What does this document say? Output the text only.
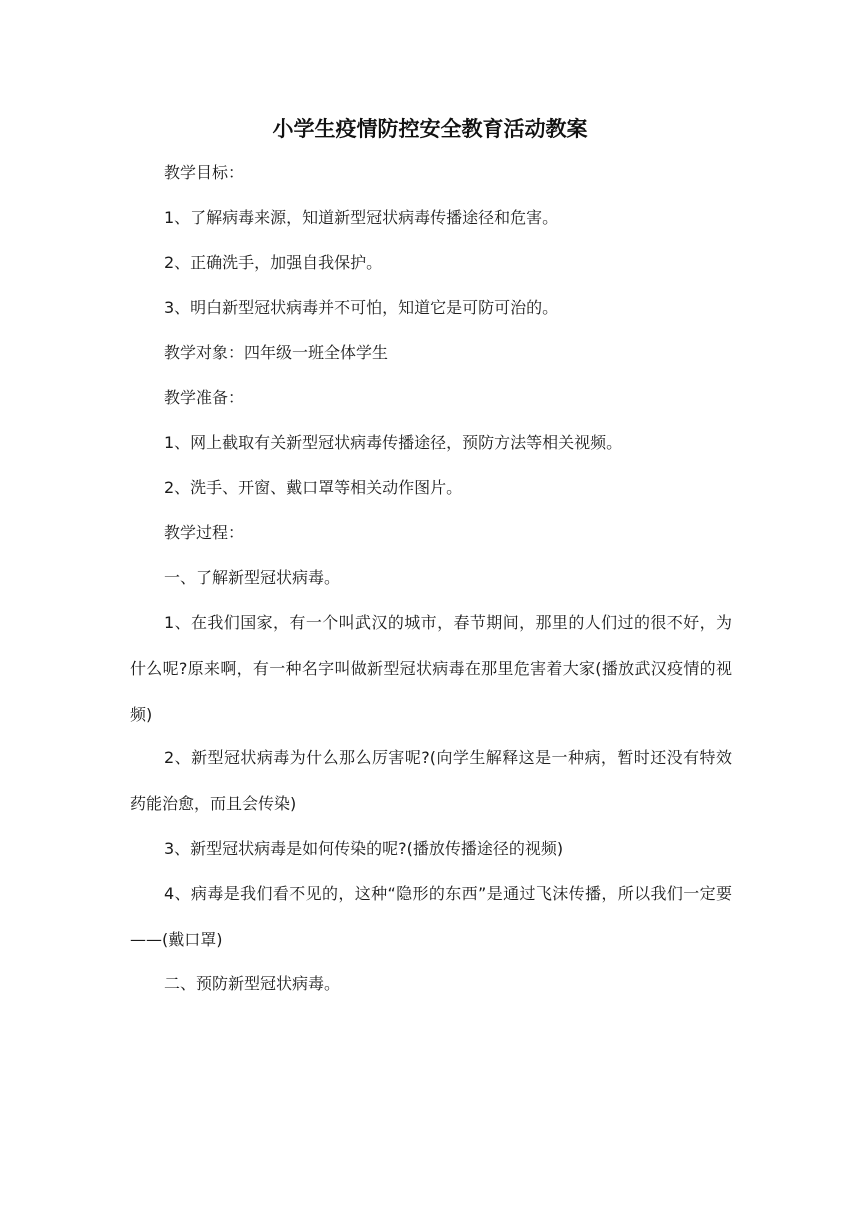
小学生疫情防控安全教育活动教案

教学目标：

1、了解病毒来源，知道新型冠状病毒传播途径和危害。

2、正确洗手，加强自我保护。

3、明白新型冠状病毒并不可怕，知道它是可防可治的。

教学对象：四年级一班全体学生

教学准备：

1、网上截取有关新型冠状病毒传播途径，预防方法等相关视频。

2、洗手、开窗、戴口罩等相关动作图片。

教学过程：

一、了解新型冠状病毒。

1、在我们国家，有一个叫武汉的城市，春节期间，那里的人们过的很不好，为什么呢?原来啊，有一种名字叫做新型冠状病毒在那里危害着大家(播放武汉疫情的视频)

2、新型冠状病毒为什么那么厉害呢?(向学生解释这是一种病，暂时还没有特效药能治愈，而且会传染)

3、新型冠状病毒是如何传染的呢?(播放传播途径的视频)

4、病毒是我们看不见的，这种“隐形的东西”是通过飞沫传播，所以我们一定要——(戴口罩)

二、预防新型冠状病毒。
